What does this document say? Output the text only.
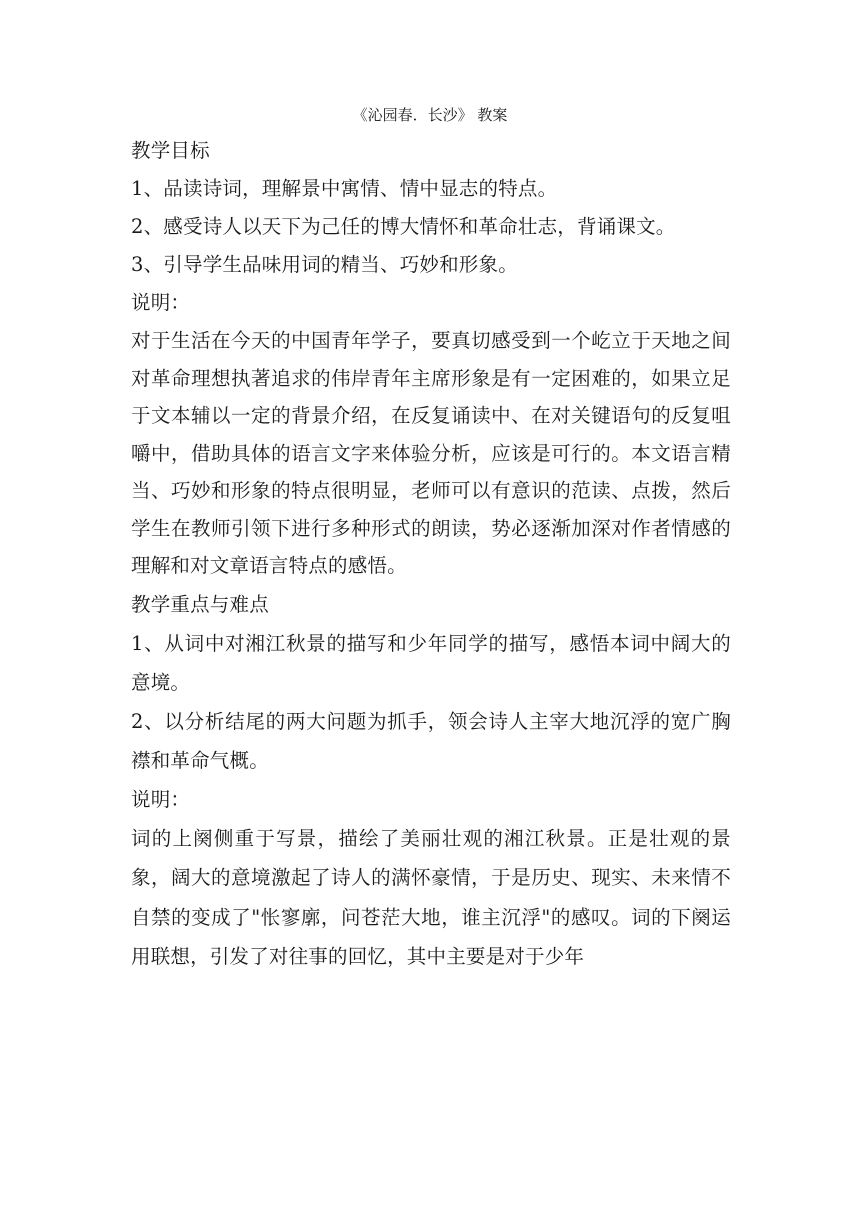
《沁园春．长沙》 教案

教学目标

1、品读诗词，理解景中寓情、情中显志的特点。

2、感受诗人以天下为己任的博大情怀和革命壮志，背诵课文。

3、引导学生品味用词的精当、巧妙和形象。

说明：

对于生活在今天的中国青年学子，要真切感受到一个屹立于天地之间对革命理想执著追求的伟岸青年主席形象是有一定困难的，如果立足于文本辅以一定的背景介绍，在反复诵读中、在对关键语句的反复咀嚼中，借助具体的语言文字来体验分析，应该是可行的。本文语言精当、巧妙和形象的特点很明显，老师可以有意识的范读、点拨，然后学生在教师引领下进行多种形式的朗读，势必逐渐加深对作者情感的理解和对文章语言特点的感悟。

教学重点与难点

1、从词中对湘江秋景的描写和少年同学的描写，感悟本词中阔大的意境。

2、以分析结尾的两大问题为抓手，领会诗人主宰大地沉浮的宽广胸襟和革命气概。

说明：

词的上阕侧重于写景，描绘了美丽壮观的湘江秋景。正是壮观的景象，阔大的意境激起了诗人的满怀豪情，于是历史、现实、未来情不自禁的变成了"怅寥廓，问苍茫大地，谁主沉浮"的感叹。词的下阕运用联想，引发了对往事的回忆，其中主要是对于少年
